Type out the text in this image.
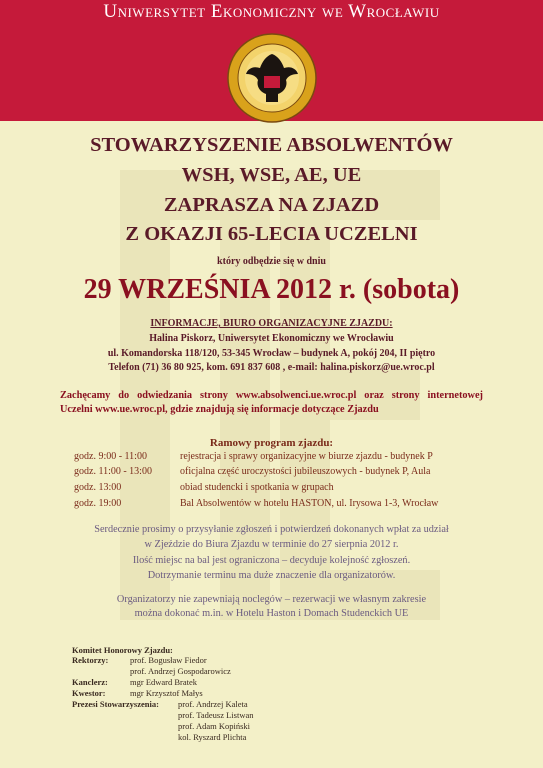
Uniwersytet Ekonomiczny we Wrocławiu
STOWARZYSZENIE ABSOLWENTÓW
WSH, WSE, AE, UE
ZAPRASZA NA ZJAZD
Z OKAZJI 65-LECIA UCZELNI
który odbędzie się w dniu
29 WRZEŚNIA 2012 r. (sobota)
INFORMACJE, BIURO ORGANIZACYJNE ZJAZDU:
Halina Piskorz, Uniwersytet Ekonomiczny we Wrocławiu
ul. Komandorska 118/120, 53-345 Wrocław – budynek A, pokój 204, II piętro
Telefon (71) 36 80 925, kom. 691 837 608 , e-mail: halina.piskorz@ue.wroc.pl
Zachęcamy do odwiedzania strony www.absolwenci.ue.wroc.pl oraz strony internetowej
Uczelni www.ue.wroc.pl, gdzie znajdują się informacje dotyczące Zjazdu
Ramowy program zjazdu:
godz. 9:00 - 11:00	rejestracja i sprawy organizacyjne w biurze zjazdu - budynek P
godz. 11:00 - 13:00	oficjalna część uroczystości jubileuszowych - budynek P, Aula
godz. 13:00	obiad studencki i spotkania w grupach
godz. 19:00	Bal Absolwentów w hotelu HASTON, ul. Irysowa 1-3, Wrocław
Serdecznie prosimy o przysyłanie zgłoszeń i potwierdzeń dokonanych wpłat za udział
w Zjeździe do Biura Zjazdu w terminie do 27 sierpnia 2012 r.
Ilość miejsc na bal jest ograniczona – decyduje kolejność zgłoszeń.
Dotrzymanie terminu ma duże znaczenie dla organizatorów.
Organizatorzy nie zapewniają noclegów – rezerwacji we własnym zakresie
można dokonać m.in. w Hotelu Haston i Domach Studenckich UE
Komitet Honorowy Zjazdu:
Rektorzy:	prof. Bogusław Fiedor
prof. Andrzej Gospodarowicz
Kanclerz:	mgr Edward Bratek
Kwestor:	mgr Krzysztof Małys
Prezesi Stowarzyszenia: prof. Andrzej Kaleta
prof. Tadeusz Listwan
prof. Adam Kopiński
kol. Ryszard Plichta
